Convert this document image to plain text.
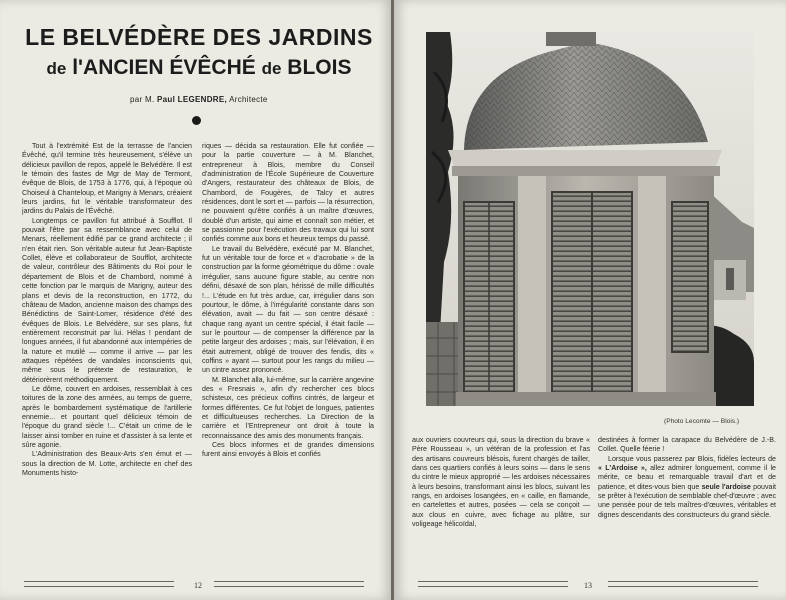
LE BELVÉDÈRE DES JARDINS
de l'ANCIEN ÉVÊCHÉ de BLOIS
par M. Paul LEGENDRE, Architecte

Tout à l'extrémité Est de la terrasse de l'ancien Évêché, qu'il termine très heureusement, s'élève un délicieux pavillon de repos, appelé le Belvédère. Il est le témoin des fastes de Mgr de May de Termont, évêque de Blois, de 1753 à 1776, qui, à l'époque où Choiseul à Chanteloup, et Marigny à Menars, créaient leurs jardins, fut le véritable transformateur des jardins du Palais de l'Évêché.

Longtemps ce pavillon fut attribué à Soufflot. Il pouvait l'être par sa ressemblance avec celui de Menars, réellement édifié par ce grand architecte ; il n'en était rien. Son véritable auteur fut Jean-Baptiste Collet, élève et collaborateur de Soufflot, architecte de valeur, contrôleur des Bâtiments du Roi pour le département de Blois et de Chambord, nommé à cette fonction par le marquis de Marigny, auteur des plans et devis de la reconstruction, en 1772, du château de Madon, ancienne maison des champs des Bénédictins de Saint-Lomer, résidence d'été des évêques de Blois. Le Belvédère, sur ses plans, fut entièrement reconstruit par lui. Hélas ! pendant de longues années, il fut abandonné aux intempéries de la nature et mutilé — comme il arrive — par les attaques répétées de vandales inconscients qui, même sous le prétexte de restauration, le détériorèrent méthodiquement.

Le dôme, couvert en ardoises, ressemblait à ces toitures de la zone des armées, au temps de guerre, après le bombardement systématique de l'artillerie ennemie... et pourtant quel délicieux témoin de l'époque du grand siècle !... C'était un crime de le laisser ainsi tomber en ruine et d'assister à sa lente et sûre agonie.

L'Administration des Beaux-Arts s'en émut et — sous la direction de M. Lotte, architecte en chef des Monuments histo-

riques — décida sa restauration. Elle fut confiée — pour la partie couverture — à M. Blanchet, entrepreneur à Blois, membre du Conseil d'administration de l'École Supérieure de Couverture d'Angers, restaurateur des châteaux de Blois, de Chambord, de Fougères, de Talcy et autres résidences, dont le sort et — parfois — la résurrection, ne pouvaient qu'être confiés à un maître d'œuvres, doublé d'un artiste, qui aime et connaît son métier, et se passionne pour l'exécution des travaux qui lui sont confiés comme aux bons et heureux temps du passé.

Le travail du Belvédère, exécuté par M. Blanchet, fut un véritable tour de force et « d'acrobatie » de la construction par la forme géométrique du dôme : ovale irrégulier, sans aucune figure stable, au centre non défini, désaxé de son plan, hérissé de mille difficultés !... L'étude en fut très ardue, car, irrégulier dans son pourtour, le dôme, à l'irrégularité constante dans son élévation, avait — du fait — son centre désaxé : chaque rang ayant un centre spécial, il était facile — sur le pourtour — de compenser la différence par la petite largeur des ardoises ; mais, sur l'élévation, il en était autrement, obligé de trouver des fendis, dits « coffins » ayant — surtout pour les rangs du milieu — un cintre assez prononcé.

M. Blanchet alla, lui-même, sur la carrière angevine des « Fresnais », afin d'y rechercher ces blocs schisteux, ces précieux coffins cintrés, de largeur et formes différentes. Ce fut l'objet de longues, patientes et difficultueuses recherches. La Direction de la carrière et l'Entrepreneur ont droit à toute la reconnaissance des amis des monuments français.

Ces blocs informes et de grandes dimensions furent ainsi envoyés à Blois et confiés

12
(Photo Lecomte — Blois.)

aux ouvriers couvreurs qui, sous la direction du brave « Père Rousseau », un vétéran de la profession et l'as des artisans couvreurs blésois, furent chargés de tailler, dans ces quartiers confiés à leurs soins — dans le sens du cintre le mieux approprié — les ardoises nécessaires à leurs besoins, transformant ainsi les blocs, suivant les rangs, en ardoises losangées, en « caille, en flamande, en cartelettes et autres, posées — cela se conçoit — aux clous en cuivre, avec fichage au plâtre, sur voligeage hélicoïdal,

destinées à former la carapace du Belvédère de J.-B. Collet. Quelle féerie !

Lorsque vous passerez par Blois, fidèles lecteurs de « L'Ardoise », allez admirer longuement, comme il le mérite, ce beau et remarquable travail d'art et de patience, et dites-vous bien que seule l'ardoise pouvait se prêter à l'exécution de semblable chef-d'œuvre ; avec une pensée pour de tels maîtres-d'œuvres, véritables et dignes descendants des constructeurs du grand siècle.

13
